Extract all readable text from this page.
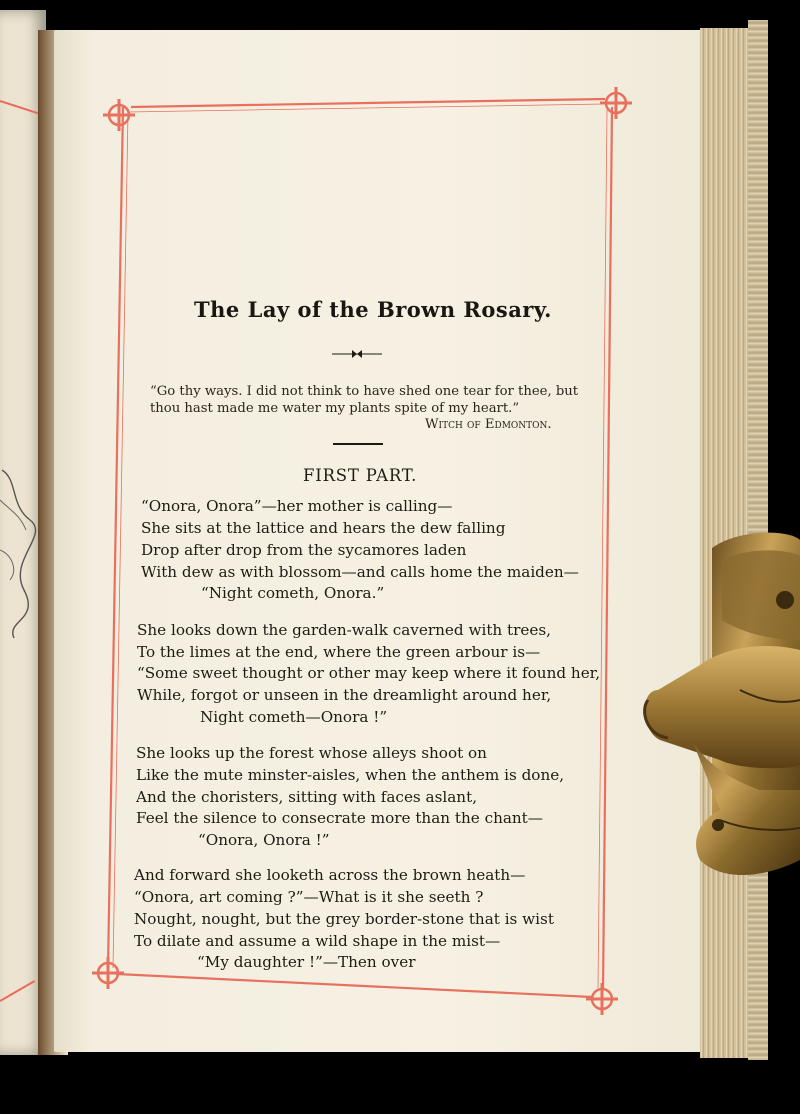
The Lay of the Brown Rosary.
“Go thy ways. I did not think to have shed one tear for thee, but
thou hast made me water my plants spite of my heart.”
Witch of Edmonton.
FIRST PART.
“Onora, Onora”—her mother is calling—
She sits at the lattice and hears the dew falling
Drop after drop from the sycamores laden
With dew as with blossom—and calls home the maiden—
“Night cometh, Onora.”
She looks down the garden-walk caverned with trees,
To the limes at the end, where the green arbour is—
“Some sweet thought or other may keep where it found her,
While, forgot or unseen in the dreamlight around her,
Night cometh—Onora !”
She looks up the forest whose alleys shoot on
Like the mute minster-aisles, when the anthem is done,
And the choristers, sitting with faces aslant,
Feel the silence to consecrate more than the chant—
“Onora, Onora !”
And forward she looketh across the brown heath—
“Onora, art coming ?”—What is it she seeth ?
Nought, nought, but the grey border-stone that is wist
To dilate and assume a wild shape in the mist—
“My daughter !”—Then over
